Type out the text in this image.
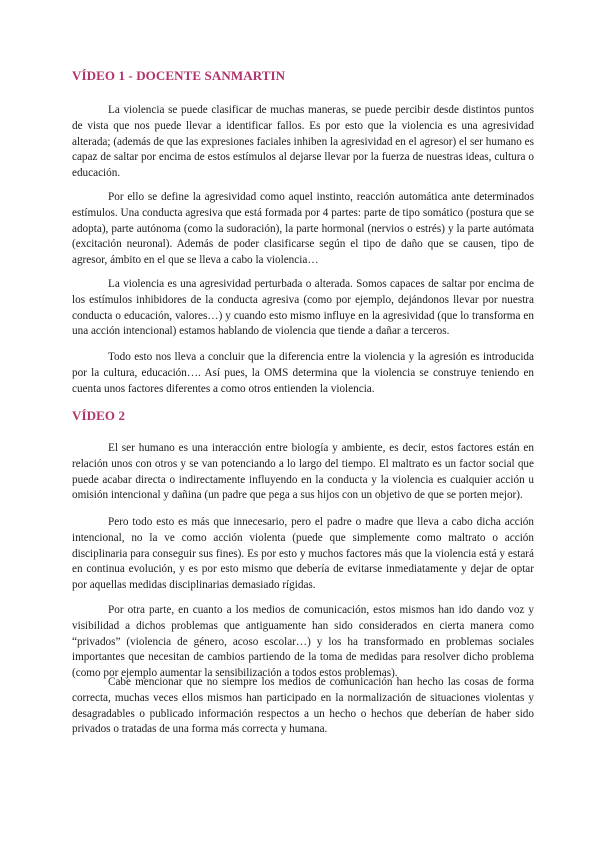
VÍDEO 1 - DOCENTE SANMARTIN

La violencia se puede clasificar de muchas maneras, se puede percibir desde distintos puntos de vista que nos puede llevar a identificar fallos. Es por esto que la violencia es una agresividad alterada; (además de que las expresiones faciales inhiben la agresividad en el agresor) el ser humano es capaz de saltar por encima de estos estímulos al dejarse llevar por la fuerza de nuestras ideas, cultura o educación.

Por ello se define la agresividad como aquel instinto, reacción automática ante determinados estímulos. Una conducta agresiva que está formada por 4 partes: parte de tipo somático (postura que se adopta), parte autónoma (como la sudoración), la parte hormonal (nervios o estrés) y la parte autómata (excitación neuronal). Además de poder clasificarse según el tipo de daño que se causen, tipo de agresor, ámbito en el que se lleva a cabo la violencia…

La violencia es una agresividad perturbada o alterada. Somos capaces de saltar por encima de los estímulos inhibidores de la conducta agresiva (como por ejemplo, dejándonos llevar por nuestra conducta o educación, valores…) y cuando esto mismo influye en la agresividad (que lo transforma en una acción intencional) estamos hablando de violencia que tiende a dañar a terceros.

Todo esto nos lleva a concluir que la diferencia entre la violencia y la agresión es introducida por la cultura, educación…. Así pues, la OMS determina que la violencia se construye teniendo en cuenta unos factores diferentes a como otros entienden la violencia.

VÍDEO 2

El ser humano es una interacción entre biología y ambiente, es decir, estos factores están en relación unos con otros y se van potenciando a lo largo del tiempo. El maltrato es un factor social que puede acabar directa o indirectamente influyendo en la conducta y la violencia es cualquier acción u omisión intencional y dañina (un padre que pega a sus hijos con un objetivo de que se porten mejor).

Pero todo esto es más que innecesario, pero el padre o madre que lleva a cabo dicha acción intencional, no la ve como acción violenta (puede que simplemente como maltrato o acción disciplinaria para conseguir sus fines). Es por esto y muchos factores más que la violencia está y estará en continua evolución, y es por esto mismo que debería de evitarse inmediatamente y dejar de optar por aquellas medidas disciplinarias demasiado rígidas.

Por otra parte, en cuanto a los medios de comunicación, estos mismos han ido dando voz y visibilidad a dichos problemas que antiguamente han sido considerados en cierta manera como “privados” (violencia de género, acoso escolar…) y los ha transformado en problemas sociales importantes que necesitan de cambios partiendo de la toma de medidas para resolver dicho problema (como por ejemplo aumentar la sensibilización a todos estos problemas).

Cabe mencionar que no siempre los medios de comunicación han hecho las cosas de forma correcta, muchas veces ellos mismos han participado en la normalización de situaciones violentas y desagradables o publicado información respectos a un hecho o hechos que deberían de haber sido privados o tratadas de una forma más correcta y humana.
